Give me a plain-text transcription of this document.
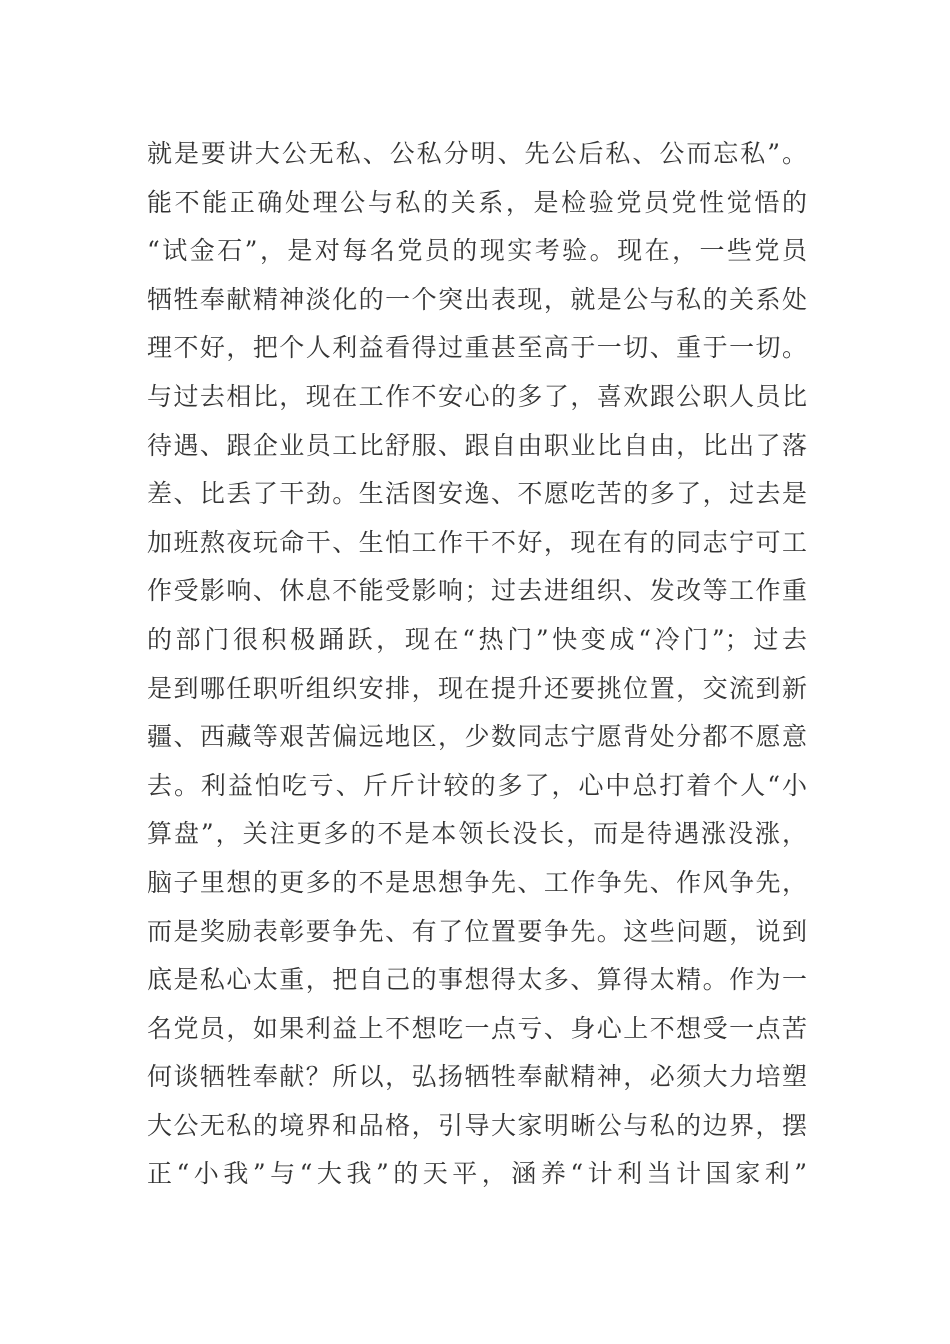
就是要讲大公无私、公私分明、先公后私、公而忘私”。
能不能正确处理公与私的关系，是检验党员党性觉悟的
“试金石”，是对每名党员的现实考验。现在，一些党员
牺牲奉献精神淡化的一个突出表现，就是公与私的关系处
理不好，把个人利益看得过重甚至高于一切、重于一切。
与过去相比，现在工作不安心的多了，喜欢跟公职人员比
待遇、跟企业员工比舒服、跟自由职业比自由，比出了落
差、比丢了干劲。生活图安逸、不愿吃苦的多了，过去是
加班熬夜玩命干、生怕工作干不好，现在有的同志宁可工
作受影响、休息不能受影响；过去进组织、发改等工作重
的部门很积极踊跃，现在“热门”快变成“冷门”；过去
是到哪任职听组织安排，现在提升还要挑位置，交流到新
疆、西藏等艰苦偏远地区，少数同志宁愿背处分都不愿意
去。利益怕吃亏、斤斤计较的多了，心中总打着个人“小
算盘”，关注更多的不是本领长没长，而是待遇涨没涨，
脑子里想的更多的不是思想争先、工作争先、作风争先，
而是奖励表彰要争先、有了位置要争先。这些问题，说到
底是私心太重，把自己的事想得太多、算得太精。作为一
名党员，如果利益上不想吃一点亏、身心上不想受一点苦
何谈牺牲奉献？所以，弘扬牺牲奉献精神，必须大力培塑
大公无私的境界和品格，引导大家明晰公与私的边界，摆
正“小我”与“大我”的天平，涵养“计利当计国家利”
